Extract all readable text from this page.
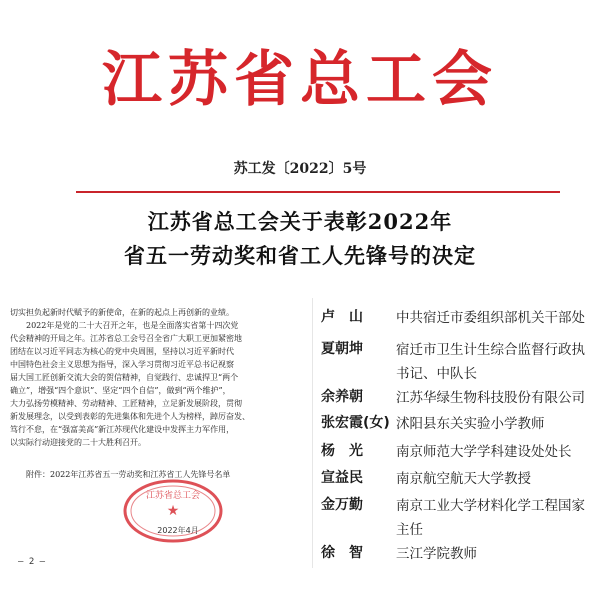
江苏省总工会
苏工发〔2022〕5号
江苏省总工会关于表彰2022年
省五一劳动奖和省工人先锋号的决定
切实担负起新时代赋予的新使命，在新的起点上再创新的业绩。
　　2022年是党的二十大召开之年，也是全面落实省第十四次党
代会精神的开局之年。江苏省总工会号召全省广大职工更加紧密地
团结在以习近平同志为核心的党中央周围，坚持以习近平新时代
中国特色社会主义思想为指导，深入学习贯彻习近平总书记视察
届大国工匠创新交流大会的贺信精神，自觉践行、忠诚捍卫“两个
确立”，增强“四个意识”、坚定“四个自信”，做到“两个维护”，
大力弘扬劳模精神、劳动精神、工匠精神，立足新发展阶段，贯彻
新发展理念，以受到表彰的先进集体和先进个人为榜样，踔厉奋发、
笃行不怠，在“强富美高”新江苏现代化建设中发挥主力军作用，
以实际行动迎接党的二十大胜利召开。
　　附件：2022年江苏省五一劳动奖和江苏省工人先锋号名单
★
江苏省总工会
2022年4月
— 2 —
卢　山 中共宿迁市委组织部机关干部处
夏朝坤 宿迁市卫生计生综合监督行政执
书记、中队长
余养朝 江苏华绿生物科技股份有限公司
张宏霞(女) 沭阳县东关实验小学教师
杨　光 南京师范大学学科建设处处长
宣益民 南京航空航天大学教授
金万勤 南京工业大学材料化学工程国家
主任
徐　智 三江学院教师
